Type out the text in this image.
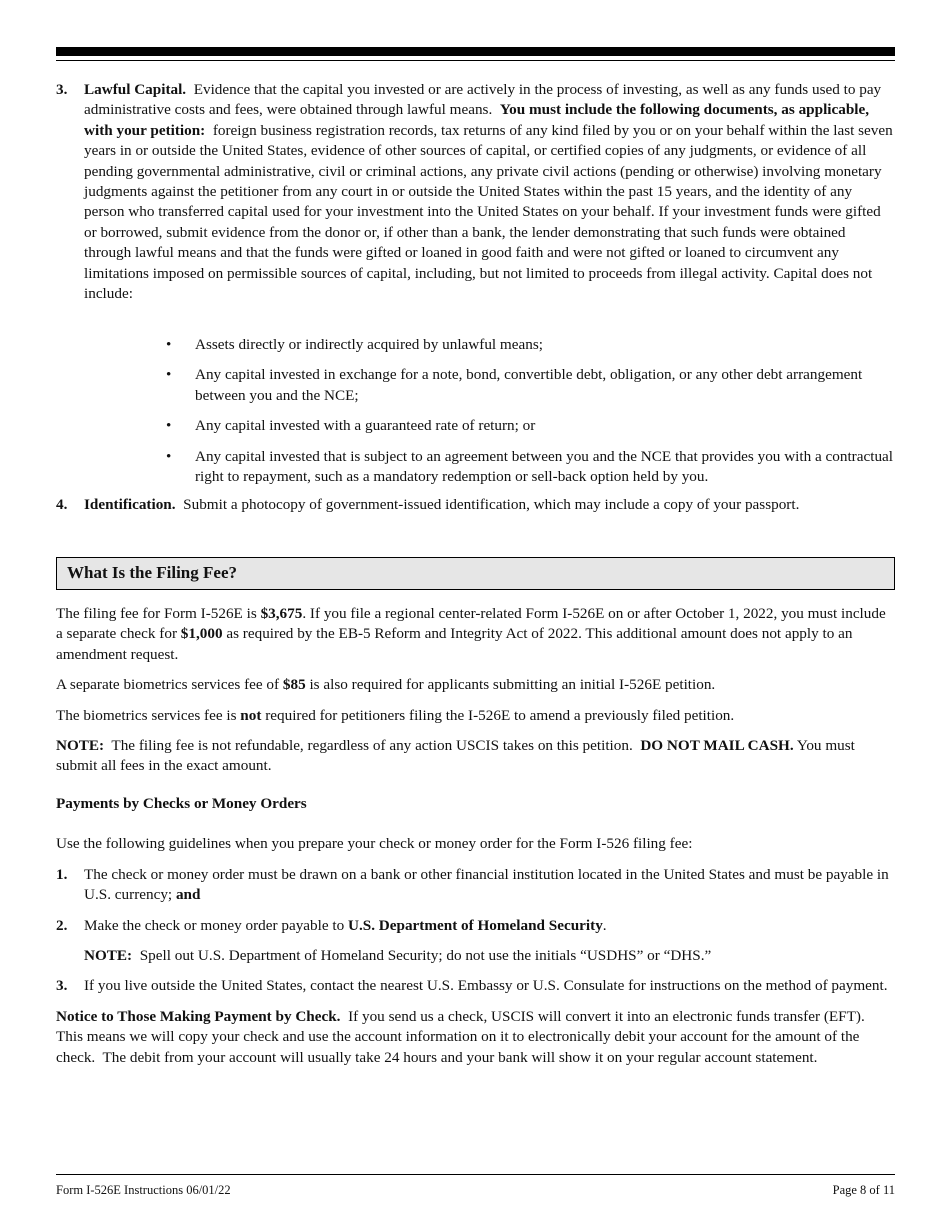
3. Lawful Capital. Evidence that the capital you invested or are actively in the process of investing, as well as any funds used to pay administrative costs and fees, were obtained through lawful means. You must include the following documents, as applicable, with your petition: foreign business registration records, tax returns of any kind filed by you or on your behalf within the last seven years in or outside the United States, evidence of other sources of capital, or certified copies of any judgments, or evidence of all pending governmental administrative, civil or criminal actions, any private civil actions (pending or otherwise) involving monetary judgments against the petitioner from any court in or outside the United States within the past 15 years, and the identity of any person who transferred capital used for your investment into the United States on your behalf. If your investment funds were gifted or borrowed, submit evidence from the donor or, if other than a bank, the lender demonstrating that such funds were obtained through lawful means and that the funds were gifted or loaned in good faith and were not gifted or loaned to circumvent any limitations imposed on permissible sources of capital, including, but not limited to proceeds from illegal activity. Capital does not include:

• Assets directly or indirectly acquired by unlawful means;

• Any capital invested in exchange for a note, bond, convertible debt, obligation, or any other debt arrangement between you and the NCE;

• Any capital invested with a guaranteed rate of return; or

• Any capital invested that is subject to an agreement between you and the NCE that provides you with a contractual right to repayment, such as a mandatory redemption or sell-back option held by you.

4. Identification. Submit a photocopy of government-issued identification, which may include a copy of your passport.

What Is the Filing Fee?

The filing fee for Form I-526E is $3,675. If you file a regional center-related Form I-526E on or after October 1, 2022, you must include a separate check for $1,000 as required by the EB-5 Reform and Integrity Act of 2022. This additional amount does not apply to an amendment request.

A separate biometrics services fee of $85 is also required for applicants submitting an initial I-526E petition.

The biometrics services fee is not required for petitioners filing the I-526E to amend a previously filed petition.

NOTE:  The filing fee is not refundable, regardless of any action USCIS takes on this petition.  DO NOT MAIL CASH. You must submit all fees in the exact amount.

Payments by Checks or Money Orders

Use the following guidelines when you prepare your check or money order for the Form I-526 filing fee:

1. The check or money order must be drawn on a bank or other financial institution located in the United States and must be payable in U.S. currency; and

2. Make the check or money order payable to U.S. Department of Homeland Security.

NOTE:  Spell out U.S. Department of Homeland Security; do not use the initials “USDHS” or “DHS.”

3. If you live outside the United States, contact the nearest U.S. Embassy or U.S. Consulate for instructions on the method of payment.

Notice to Those Making Payment by Check.  If you send us a check, USCIS will convert it into an electronic funds transfer (EFT).  This means we will copy your check and use the account information on it to electronically debit your account for the amount of the check.  The debit from your account will usually take 24 hours and your bank will show it on your regular account statement.

Form I-526E Instructions 06/01/22	Page 8 of 11
